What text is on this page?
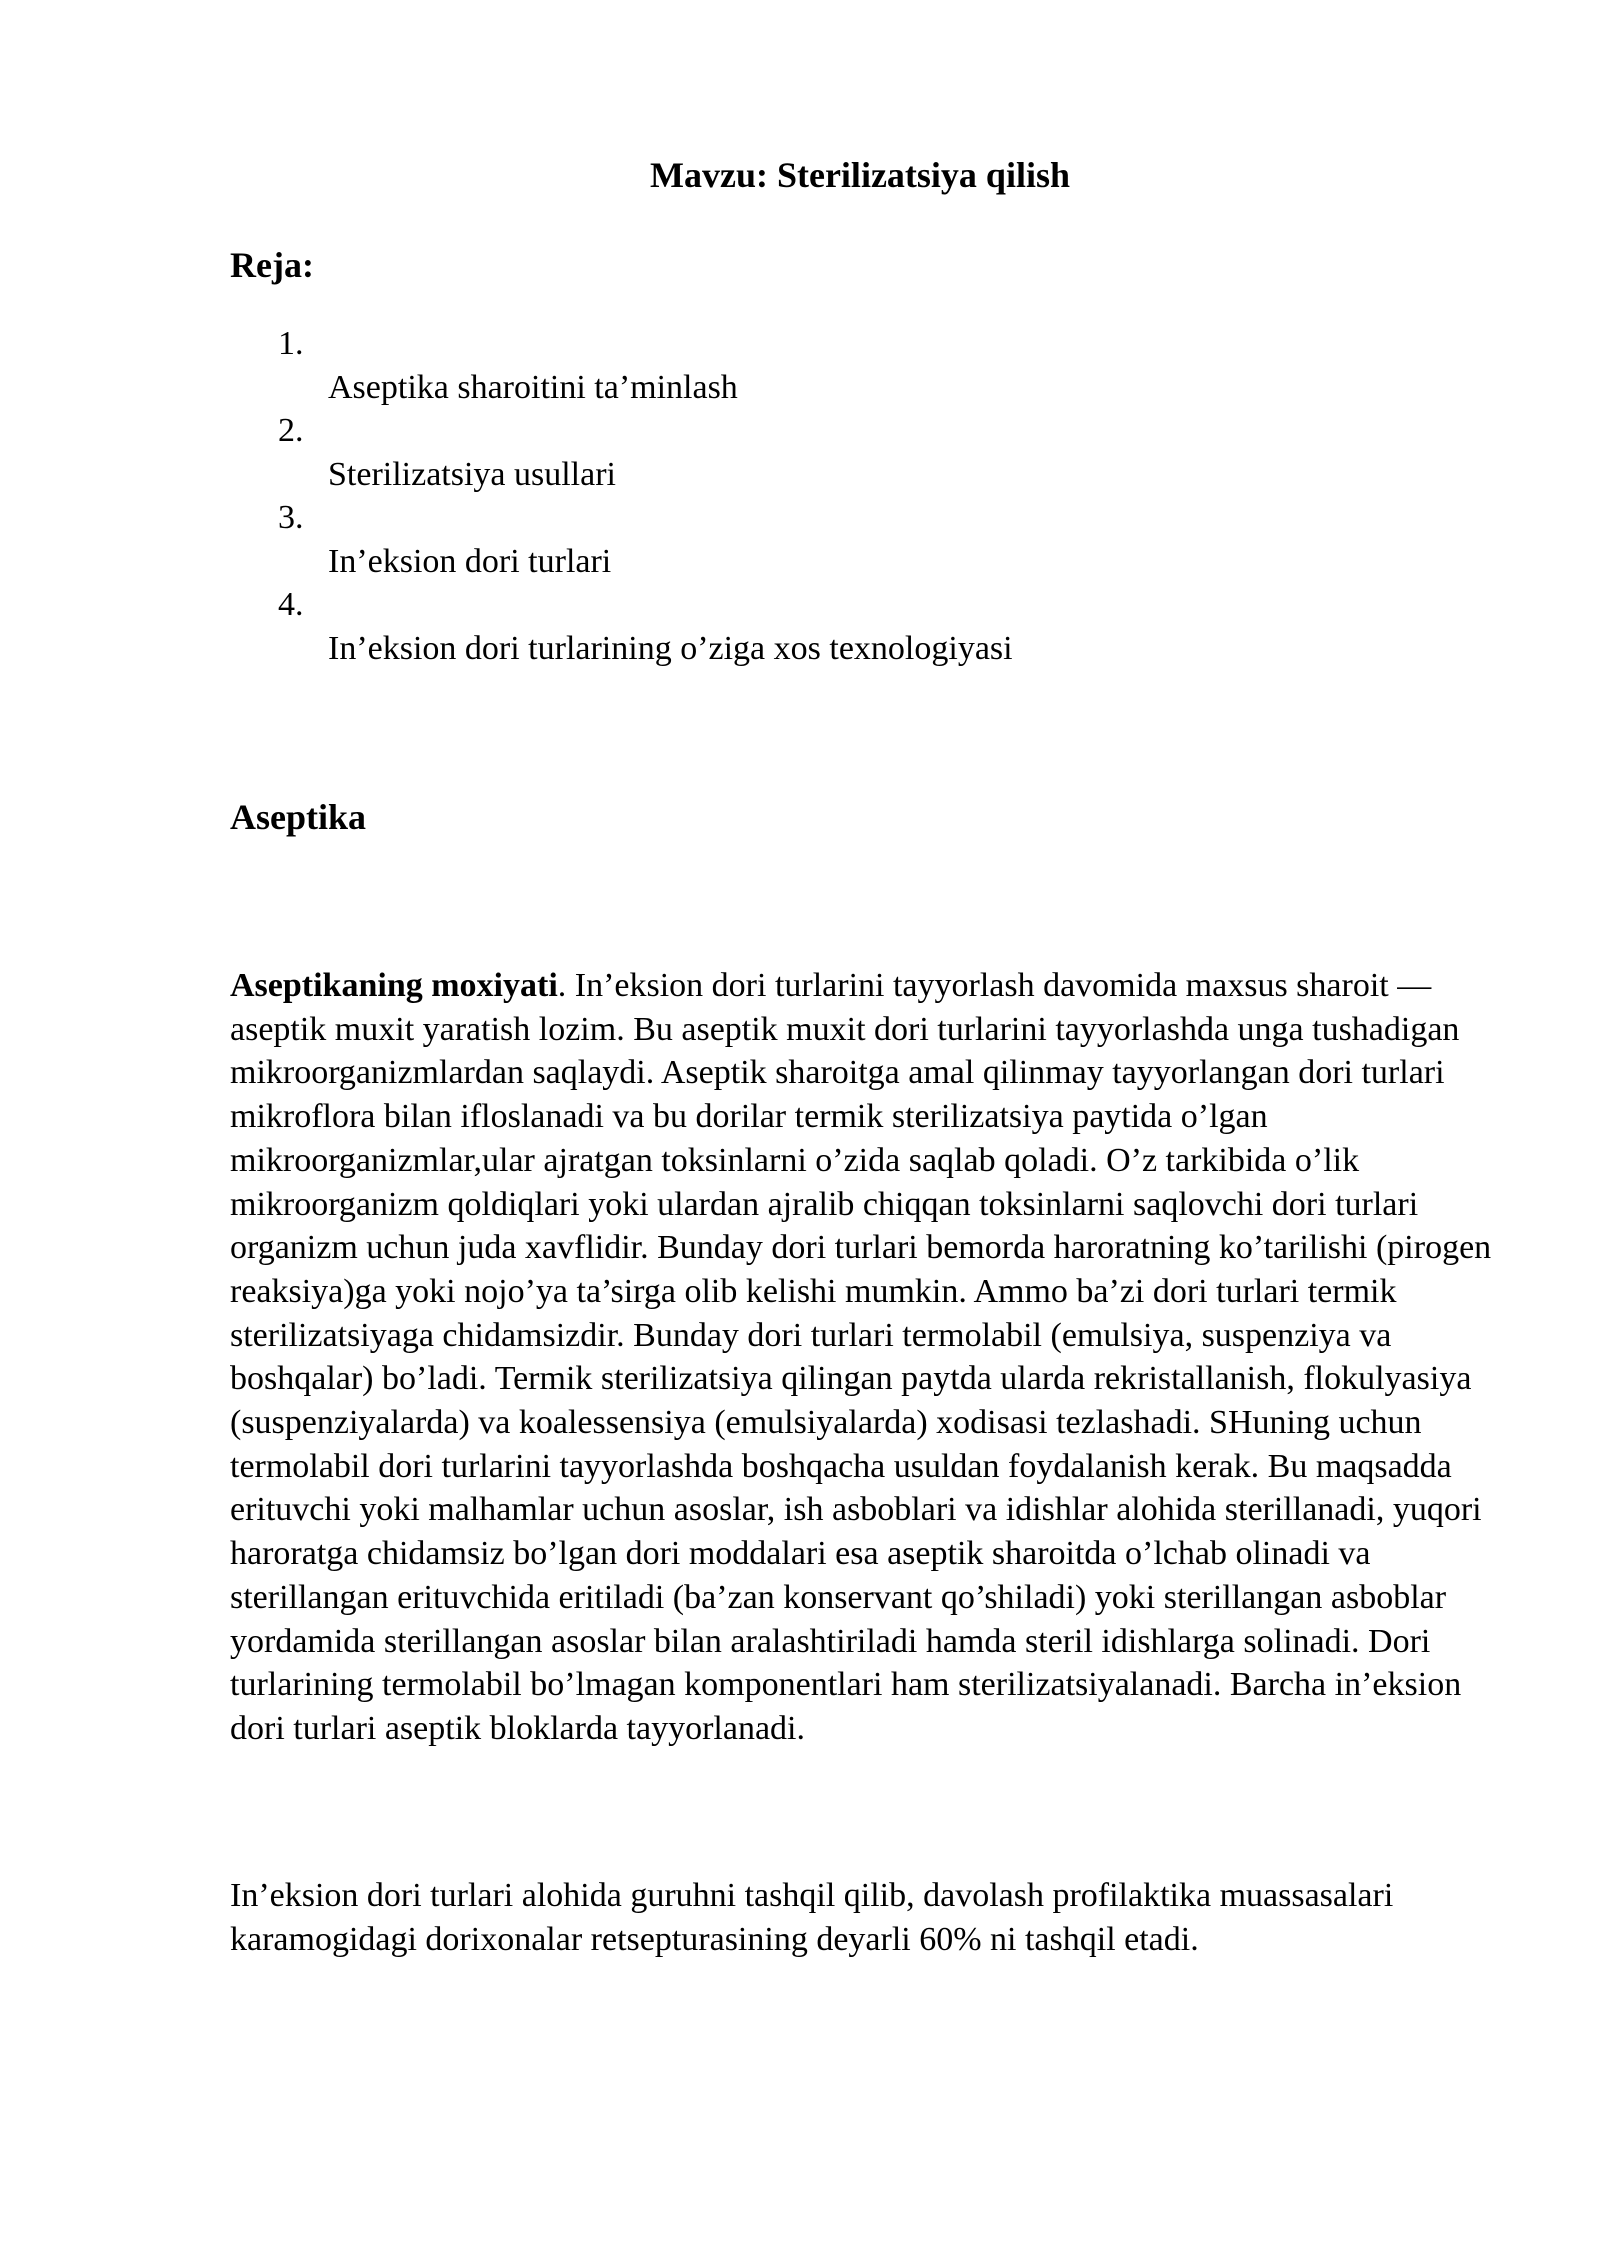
Mavzu: Sterilizatsiya qilish
Reja:
1.
Aseptika sharoitini ta’minlash
2.
Sterilizatsiya usullari
3.
In’eksion dori turlari
4.
In’eksion dori turlarining o’ziga xos texnologiyasi
Aseptika

Aseptikaning moxiyati. In’eksion dori turlarini tayyorlash davomida maxsus sharoit — aseptik muxit yaratish lozim. Bu aseptik muxit dori turlarini tayyorlashda unga tushadigan mikroorganizmlardan saqlaydi. Aseptik sharoitga amal qilinmay tayyorlangan dori turlari mikroflora bilan ifloslanadi va bu dorilar termik sterilizatsiya paytida o’lgan mikroorganizmlar,ular ajratgan toksinlarni o’zida saqlab qoladi. O’z tarkibida o’lik mikroorganizm qoldiqlari yoki ulardan ajralib chiqqan toksinlarni saqlovchi dori turlari organizm uchun juda xavflidir. Bunday dori turlari bemorda haroratning ko’tarilishi (pirogen reaksiya)ga yoki nojo’ya ta’sirga olib kelishi mumkin. Ammo ba’zi dori turlari termik sterilizatsiyaga chidamsizdir. Bunday dori turlari termolabil (emulsiya, suspenziya va boshqalar) bo’ladi. Termik sterilizatsiya qilingan paytda ularda rekristallanish, flokulyasiya (suspenziyalarda) va koalessensiya (emulsiyalarda) xodisasi tezlashadi. SHuning uchun termolabil dori turlarini tayyorlashda boshqacha usuldan foydalanish kerak. Bu maqsadda erituvchi yoki malhamlar uchun asoslar, ish asboblari va idishlar alohida sterillanadi, yuqori haroratga chidamsiz bo’lgan dori moddalari esa aseptik sharoitda o’lchab olinadi va sterillangan erituvchida eritiladi (ba’zan konservant qo’shiladi) yoki sterillangan asboblar yordamida sterillangan asoslar bilan aralashtiriladi hamda steril idishlarga solinadi. Dori turlarining termolabil bo’lmagan komponentlari ham sterilizatsiyalanadi. Barcha in’eksion dori turlari aseptik bloklarda tayyorlanadi.

In’eksion dori turlari alohida guruhni tashqil qilib, davolash profilaktika muassasalari karamogidagi dorixonalar retsepturasining deyarli 60% ni tashqil etadi.
